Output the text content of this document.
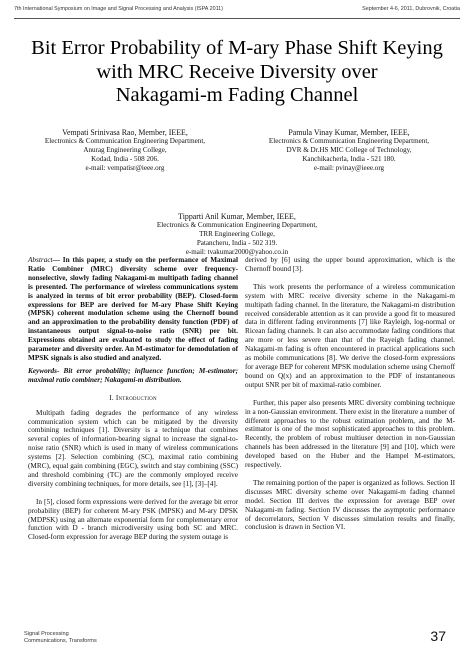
7th International Symposium on Image and Signal Processing and Analysis (ISPA 2011)	September 4-6, 2011, Dubrovnik, Croatia
Bit Error Probability of M-ary Phase Shift Keying
with MRC Receive Diversity over
Nakagami-m Fading Channel
Vempati Srinivasa Rao, Member, IEEE,
Electronics & Communication Engineering Department,
Anurag Engineering College,
Kodad, India - 508 206.
e-mail: vempatisr@ieee.org
Pamula Vinay Kumar, Member, IEEE,
Electronics & Communication Engineering Department,
DVR & Dr.HS MIC College of Technology,
Kanchikacherla, India - 521 180.
e-mail: pvinay@ieee.org
Tipparti Anil Kumar, Member, IEEE,
Electronics & Communication Engineering Department,
TRR Engineering College,
Patancheru, India - 502 319.
e-mail: tvakumar2000@yahoo.co.in

Abstract— In this paper, a study on the performance of Maximal Ratio Combiner (MRC) diversity scheme over frequency-nonselective, slowly fading Nakagami-m multipath fading channel is presented. The performance of wireless communications system is analyzed in terms of bit error probability (BEP). Closed-form expressions for BEP are derived for M-ary Phase Shift Keying (MPSK) coherent modulation scheme using the Chernoff bound and an approximation to the probability density function (PDF) of instantaneous output signal-to-noise ratio (SNR) per bit. Expressions obtained are evaluated to study the effect of fading parameter and diversity order. An M-estimator for demodulation of MPSK signals is also studied and analyzed.

Keywords- Bit error probability; influence function; M-estimator; maximal ratio combiner; Nakagami-m distribution.

I. Introduction

Multipath fading degrades the performance of any wireless communication system which can be mitigated by the diversity combining techniques [1]. Diversity is a technique that combines several copies of information-bearing signal to increase the signal-to-noise ratio (SNR) which is used in many of wireless communications systems [2]. Selection combining (SC), maximal ratio combining (MRC), equal gain combining (EGC), switch and stay combining (SSC) and threshold combining (TC) are the commonly employed receive diversity combining techniques, for more details, see [1], [3]–[4].

In [5], closed form expressions were derived for the average bit error probability (BEP) for coherent M-ary PSK (MPSK) and M-ary DPSK (MDPSK) using an alternate exponential form for complementary error function with D - branch microdiversity using both SC and MRC. Closed-form expression for average BEP during the system outage is

derived by [6] using the upper bound approximation, which is the Chernoff bound [3].

This work presents the performance of a wireless communication system with MRC receive diversity scheme in the Nakagami-m multipath fading channel. In the literature, the Nakagami-m distribution received considerable attention as it can provide a good fit to measured data in different fading environments [7] like Rayleigh, log-normal or Ricean fading channels. It can also accommodate fading conditions that are more or less severe than that of the Rayeigh fading channel. Nakagami-m fading is often encountered in practical applications such as mobile communications [8]. We derive the closed-form expressions for average BEP for coherent MPSK modulation scheme using Chernoff bound on Q(x) and an approximation to the PDF of instantaneous output SNR per bit of maximal-ratio combiner.

Further, this paper also presents MRC diversity combining technique in a non-Gaussian environment. There exist in the literature a number of different approaches to the robust estimation problem, and the M-estimator is one of the most sophisticated approaches to this problem. Recently, the problem of robust multiuser detection in non-Gaussian channels has been addressed in the literature [9] and [10], which were developed based on the Huber and the Hampel M-estimators, respectively.

The remaining portion of the paper is organized as follows. Section II discusses MRC diversity scheme over Nakagami-m fading channel model. Section III derives the expression for average BEP over Nakagami-m fading. Section IV discusses the asymptotic performance of decorrelators, Section V discusses simulation results and finally, conclusion is drawn in Section VI.

Signal Processing
Communications, Transforms	37
